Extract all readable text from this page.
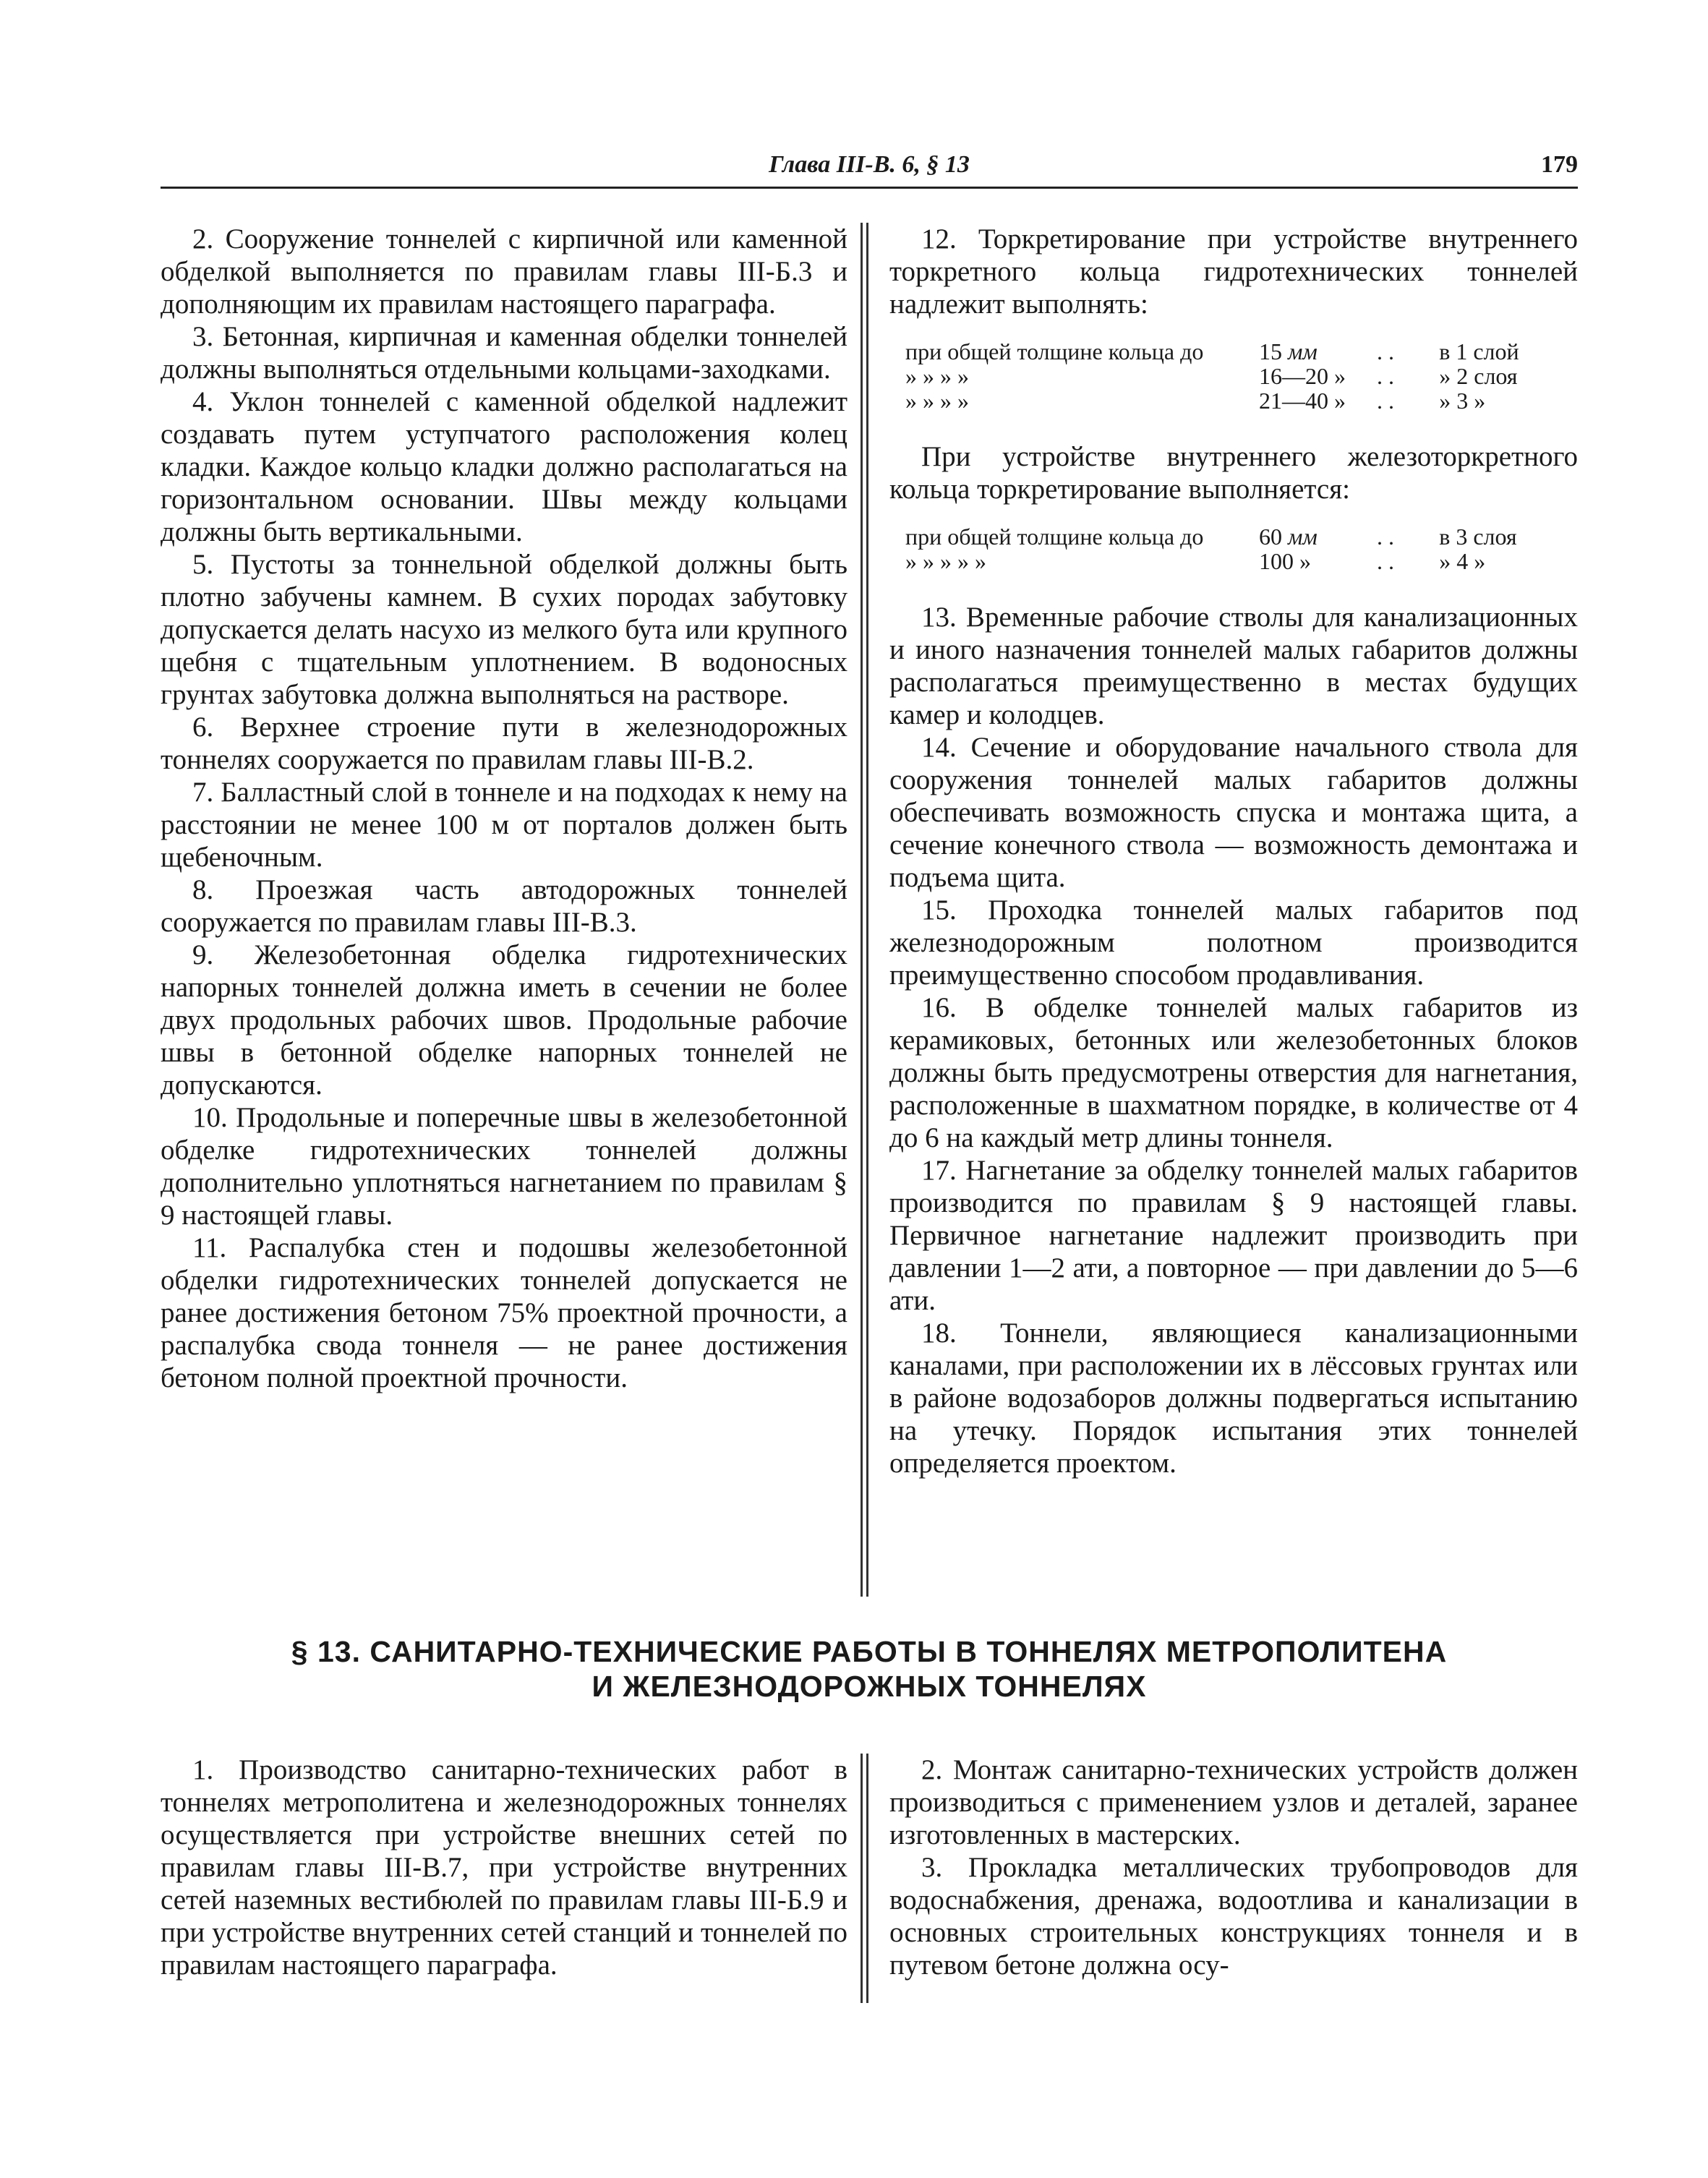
Глава III-В. 6, § 13	179

2. Сооружение тоннелей с кирпичной или каменной обделкой выполняется по правилам главы III-Б.3 и дополняющим их правилам настоящего параграфа.

3. Бетонная, кирпичная и каменная обделки тоннелей должны выполняться отдельными кольцами-заходками.

4. Уклон тоннелей с каменной обделкой надлежит создавать путем уступчатого расположения колец кладки. Каждое кольцо кладки должно располагаться на горизонтальном основании. Швы между кольцами должны быть вертикальными.

5. Пустоты за тоннельной обделкой должны быть плотно забучены камнем. В сухих породах забутовку допускается делать насухо из мелкого бута или крупного щебня с тщательным уплотнением. В водоносных грунтах забутовка должна выполняться на растворе.

6. Верхнее строение пути в железнодорожных тоннелях сооружается по правилам главы III-В.2.

7. Балластный слой в тоннеле и на подходах к нему на расстоянии не менее 100 м от порталов должен быть щебеночным.

8. Проезжая часть автодорожных тоннелей сооружается по правилам главы III-В.3.

9. Железобетонная обделка гидротехнических напорных тоннелей должна иметь в сечении не более двух продольных рабочих швов. Продольные рабочие швы в бетонной обделке напорных тоннелей не допускаются.

10. Продольные и поперечные швы в железобетонной обделке гидротехнических тоннелей должны дополнительно уплотняться нагнетанием по правилам § 9 настоящей главы.

11. Распалубка стен и подошвы железобетонной обделки гидротехнических тоннелей допускается не ранее достижения бетоном 75% проектной прочности, а распалубка свода тоннеля — не ранее достижения бетоном полной проектной прочности.

12. Торкретирование при устройстве внутреннего торкретного кольца гидротехнических тоннелей надлежит выполнять:

при общей толщине кольца до	15 мм	. .	в 1 слой
» » » »	16—20 »	. .	» 2 слоя
» » » »	21—40 »	. .	» 3 »

При устройстве внутреннего железоторкретного кольца торкретирование выполняется:

при общей толщине кольца до	60 мм	. .	в 3 слоя
» » » » »	100 »	. .	» 4 »

13. Временные рабочие стволы для канализационных и иного назначения тоннелей малых габаритов должны располагаться преимущественно в местах будущих камер и колодцев.

14. Сечение и оборудование начального ствола для сооружения тоннелей малых габаритов должны обеспечивать возможность спуска и монтажа щита, а сечение конечного ствола — возможность демонтажа и подъема щита.

15. Проходка тоннелей малых габаритов под железнодорожным полотном производится преимущественно способом продавливания.

16. В обделке тоннелей малых габаритов из керамиковых, бетонных или железобетонных блоков должны быть предусмотрены отверстия для нагнетания, расположенные в шахматном порядке, в количестве от 4 до 6 на каждый метр длины тоннеля.

17. Нагнетание за обделку тоннелей малых габаритов производится по правилам § 9 настоящей главы. Первичное нагнетание надлежит производить при давлении 1—2 ати, а повторное — при давлении до 5—6 ати.

18. Тоннели, являющиеся канализационными каналами, при расположении их в лёссовых грунтах или в районе водозаборов должны подвергаться испытанию на утечку. Порядок испытания этих тоннелей определяется проектом.

§ 13. САНИТАРНО-ТЕХНИЧЕСКИЕ РАБОТЫ В ТОННЕЛЯХ МЕТРОПОЛИТЕНА
И ЖЕЛЕЗНОДОРОЖНЫХ ТОННЕЛЯХ

1. Производство санитарно-технических работ в тоннелях метрополитена и железнодорожных тоннелях осуществляется при устройстве внешних сетей по правилам главы III-В.7, при устройстве внутренних сетей наземных вестибюлей по правилам главы III-Б.9 и при устройстве внутренних сетей станций и тоннелей по правилам настоящего параграфа.

2. Монтаж санитарно-технических устройств должен производиться с применением узлов и деталей, заранее изготовленных в мастерских.

3. Прокладка металлических трубопроводов для водоснабжения, дренажа, водоотлива и канализации в основных строительных конструкциях тоннеля и в путевом бетоне должна осу-
